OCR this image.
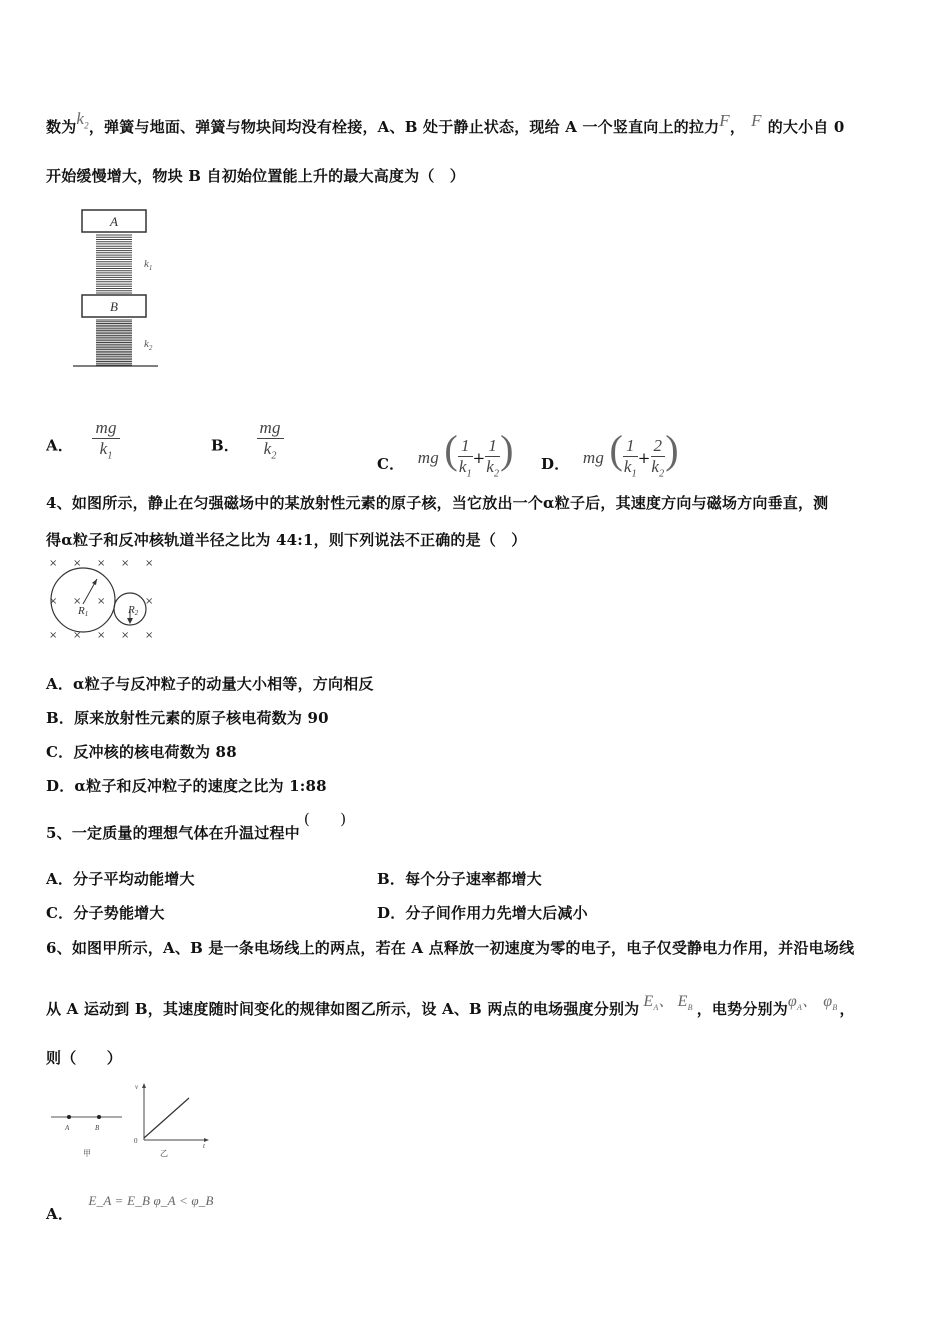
数为$k_2$，弹簧与地面、弹簧与物块间均没有栓接，A、B 处于静止状态，现给 A 一个竖直向上的拉力F， F 的大小自 0
开始缓慢增大，物块 B 自初始位置能上升的最大高度为（　）
A
$k_1$
B
$k_2$
A． $\frac{mg}{k_1}$	B． $\frac{mg}{k_2}$
C． mg ( $\frac{1}{k_1} + \frac{1}{k_2}$ ) D． mg ( $\frac{1}{k_1} + \frac{2}{k_2}$ )
4、如图所示，静止在匀强磁场中的某放射性元素的原子核，当它放出一个α粒子后，其速度方向与磁场方向垂直，测
得α粒子和反冲核轨道半径之比为 44:1，则下列说法不正确的是（　）
× × × × ×
× × ×	×
× × × × ×
R1	R2
A．α粒子与反冲粒子的动量大小相等，方向相反
B．原来放射性元素的原子核电荷数为 90
C．反冲核的核电荷数为 88
D．α粒子和反冲粒子的速度之比为 1:88
5、一定质量的理想气体在升温过程中(　　)
A．分子平均动能增大	B．每个分子速率都增大
C．分子势能增大	D．分子间作用力先增大后减小
6、如图甲所示，A、B 是一条电场线上的两点，若在 A 点释放一初速度为零的电子，电子仅受静电力作用，并沿电场线
从 A 运动到 B，其速度随时间变化的规律如图乙所示，设 A、B 两点的电场强度分别为 $E_A$、 $E_B$ ，电势分别为$\varphi_A$、 $\varphi_B$ ，
则（　　）
A	B
甲
v
t
0
乙
A． E_A = E_B φ_A < φ_B
